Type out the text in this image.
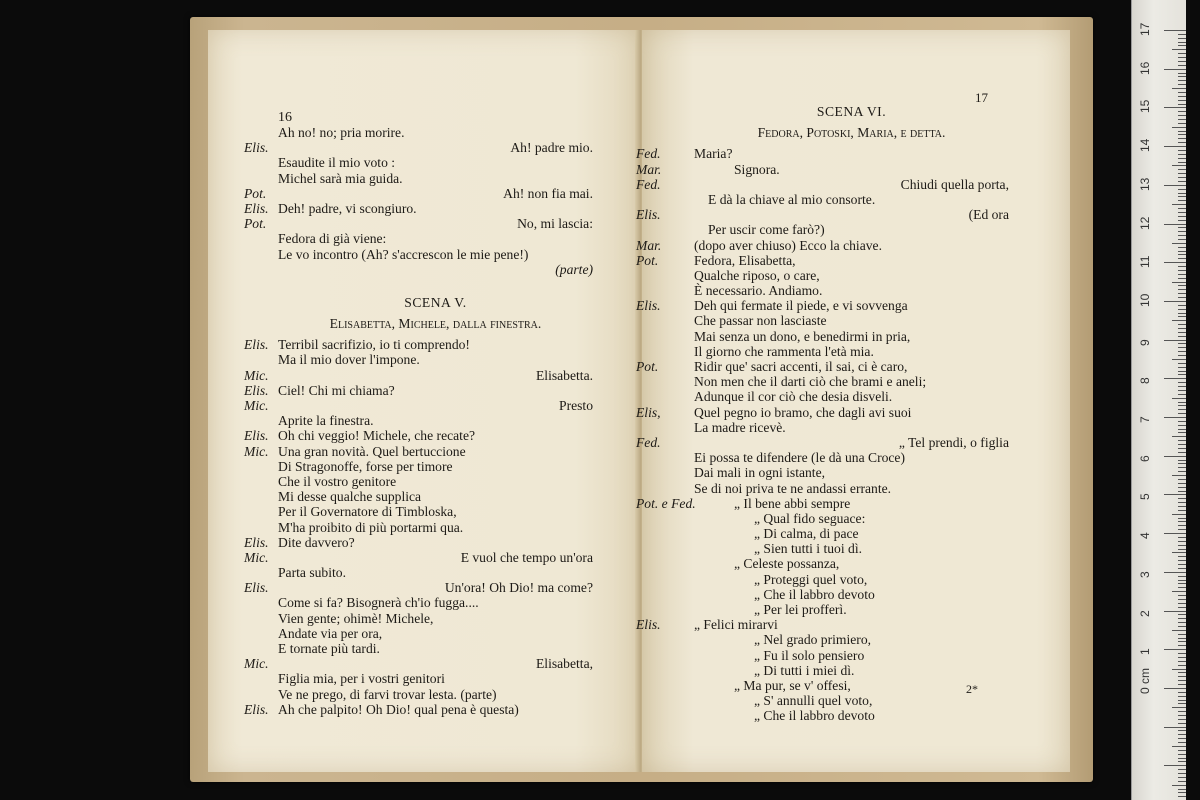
16
Ah no! no; pria morire.
Elis.	Ah! padre mio.
Esaudite il mio voto :
Michel sarà mia guida.
Pot.	Ah! non fia mai.
Elis. Deh! padre, vi scongiuro.
Pot.	No, mi lascia:
Fedora di già viene:
Le vo incontro (Ah? s'accrescon le mie pene!)
(parte)
SCENA V.
Elisabetta, Michele, dalla finestra.
Elis. Terribil sacrifizio, io ti comprendo!
Ma il mio dover l'impone.
Mic.	Elisabetta.
Elis. Ciel! Chi mi chiama?
Mic.	Presto
Aprite la finestra.
Elis. Oh chi veggio! Michele, che recate?
Mic. Una gran novità. Quel bertuccione
Di Stragonoffe, forse per timore
Che il vostro genitore
Mi desse qualche supplica
Per il Governatore di Timbloska,
M'ha proibito di più portarmi qua.
Elis. Dite davvero?
Mic.	E vuol che tempo un'ora
Parta subito.
Elis.	Un'ora! Oh Dio! ma come?
Come si fa? Bisognerà ch'io fugga....
Vien gente; ohimè! Michele,
Andate via per ora,
E tornate più tardi.
Mic.	Elisabetta,
Figlia mia, per i vostri genitori
Ve ne prego, di farvi trovar lesta. (parte)
Elis. Ah che palpito! Oh Dio! qual pena è questa)
17
SCENA VI.
Fedora, Potoski, Maria, e detta.
Fed. Maria?
Mar.	Signora.
Fed.	Chiudi quella porta,
E dà la chiave al mio consorte.
Elis.	(Ed ora
Per uscir come farò?)
Mar. (dopo aver chiuso) Ecco la chiave.
Pot.	Fedora, Elisabetta,
Qualche riposo, o care,
È necessario. Andiamo.
Elis. Deh qui fermate il piede, e vi sovvenga
Che passar non lasciaste
Mai senza un dono, e benedirmi in pria,
Il giorno che rammenta l'età mia.
Pot.	Ridir que' sacri accenti, il sai, ci è caro,
Non men che il darti ciò che brami e aneli;
Adunque il cor ciò che desia disveli.
Elis, Quel pegno io bramo, che dagli avi suoi
La madre ricevè.
Fed.	„ Tel prendi, o figlia
Ei possa te difendere (le dà una Croce)
Dai mali in ogni istante,
Se di noi priva te ne andassi errante.
Pot. e Fed.	„ Il bene abbi sempre
„ Qual fido seguace:
„ Di calma, di pace
„ Sien tutti i tuoi dì.
„ Celeste possanza,
„ Proteggi quel voto,
„ Che il labbro devoto
„ Per lei profferì.
Elis. „ Felici mirarvi
„ Nel grado primiero,
„ Fu il solo pensiero
„ Di tutti i miei dì.
„ Ma pur, se v' offesi,
„ S' annulli quel voto,
„ Che il labbro devoto
2*
17
16
15
14
13
12
11
10
9
8
7
6
5
4
3
2
1
0 cm
